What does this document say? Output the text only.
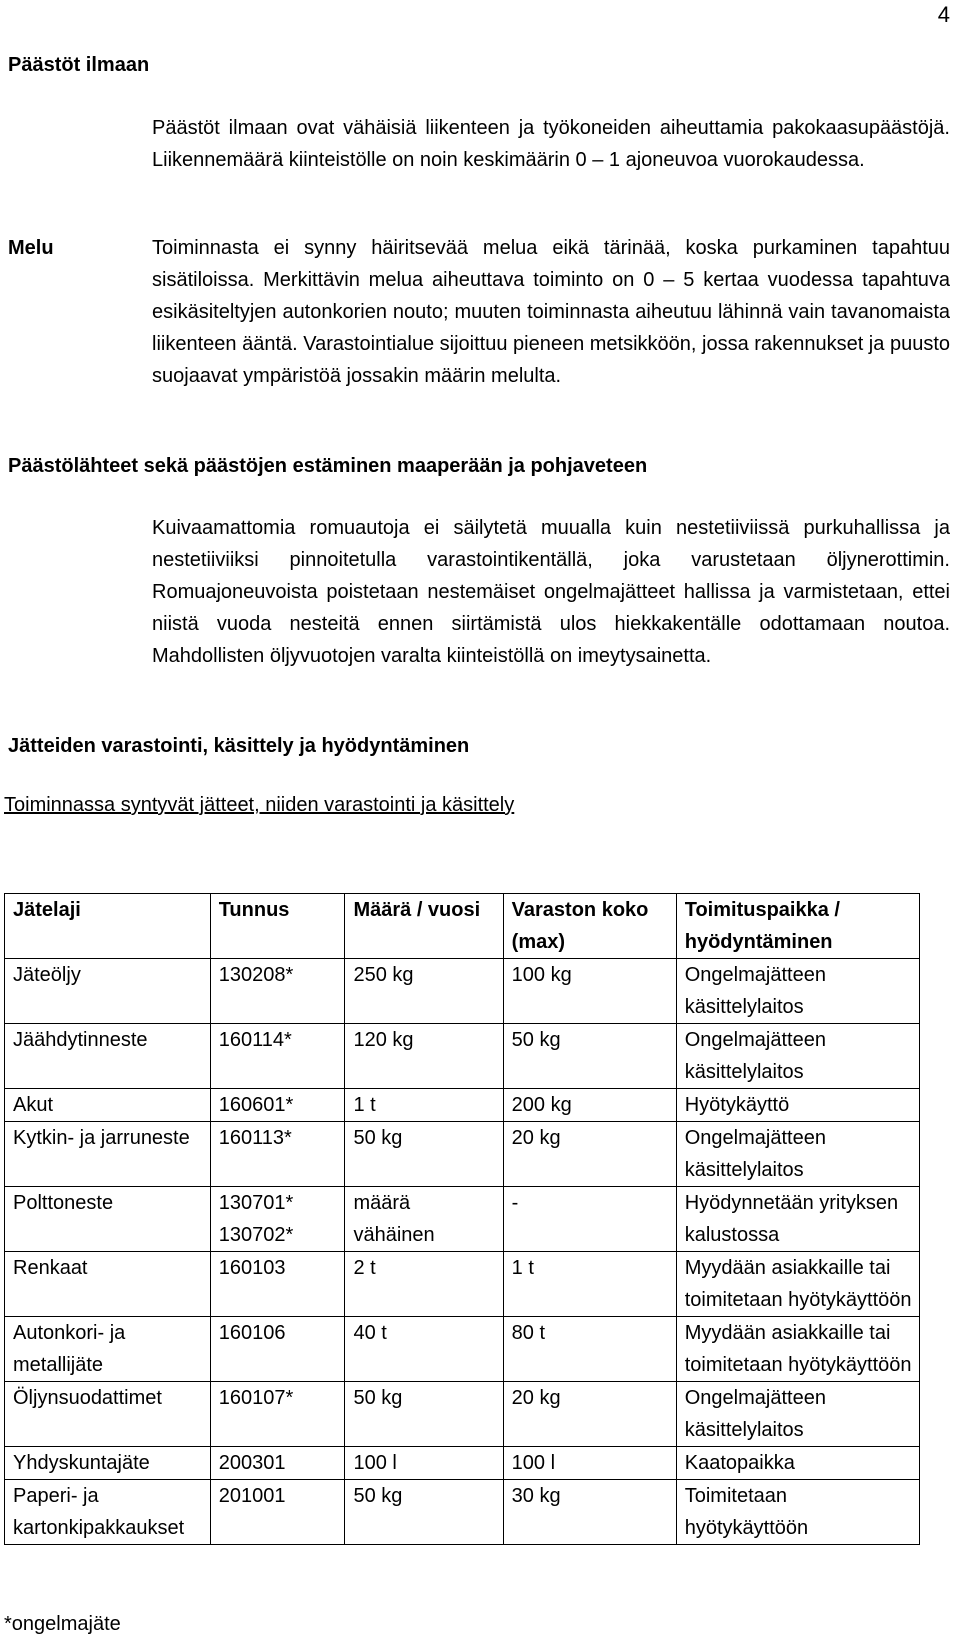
4
Päästöt ilmaan

Päästöt ilmaan ovat vähäisiä liikenteen ja työkoneiden aiheuttamia pakokaasupäästöjä. Liikennemäärä kiinteistölle on noin keskimäärin 0 – 1 ajoneuvoa vuorokaudessa.

Melu	Toiminnasta ei synny häiritsevää melua eikä tärinää, koska purkaminen tapahtuu sisätiloissa. Merkittävin melua aiheuttava toiminto on 0 – 5 kertaa vuodessa tapahtuva esikäsiteltyjen autonkorien nouto; muuten toiminnasta aiheutuu lähinnä vain tavanomaista liikenteen ääntä. Varastointialue sijoittuu pieneen metsikköön, jossa rakennukset ja puusto suojaavat ympäristöä jossakin määrin melulta.

Päästölähteet sekä päästöjen estäminen maaperään ja pohjaveteen

Kuivaamattomia romuautoja ei säilytetä muualla kuin nestetiiviissä purkuhallissa ja nestetiiviiksi pinnoitetulla varastointikentällä, joka varustetaan öljynerottimin. Romuajoneuvoista poistetaan nestemäiset ongelmajätteet hallissa ja varmistetaan, ettei niistä vuoda nesteitä ennen siirtämistä ulos hiekkakentälle odottamaan noutoa. Mahdollisten öljyvuotojen varalta kiinteistöllä on imeytysainetta.

Jätteiden varastointi, käsittely ja hyödyntäminen

Toiminnassa syntyvät jätteet, niiden varastointi ja käsittely

Jätelaji	Tunnus	Määrä / vuosi	Varaston koko (max)	Toimituspaikka / hyödyntäminen
Jäteöljy	130208*	250 kg	100 kg	Ongelmajätteen käsittelylaitos
Jäähdytinneste	160114*	120 kg	50 kg	Ongelmajätteen käsittelylaitos
Akut	160601*	1 t	200 kg	Hyötykäyttö
Kytkin- ja jarruneste	160113*	50 kg	20 kg	Ongelmajätteen käsittelylaitos
Polttoneste	130701* 130702*	määrä vähäinen	-	Hyödynnetään yrityksen kalustossa
Renkaat	160103	2 t	1 t	Myydään asiakkaille tai toimitetaan hyötykäyttöön
Autonkori- ja metallijäte	160106	40 t	80 t	Myydään asiakkaille tai toimitetaan hyötykäyttöön
Öljynsuodattimet	160107*	50 kg	20 kg	Ongelmajätteen käsittelylaitos
Yhdyskuntajäte	200301	100 l	100 l	Kaatopaikka
Paperi- ja kartonkipakkaukset	201001	50 kg	30 kg	Toimitetaan hyötykäyttöön
*ongelmajäte
